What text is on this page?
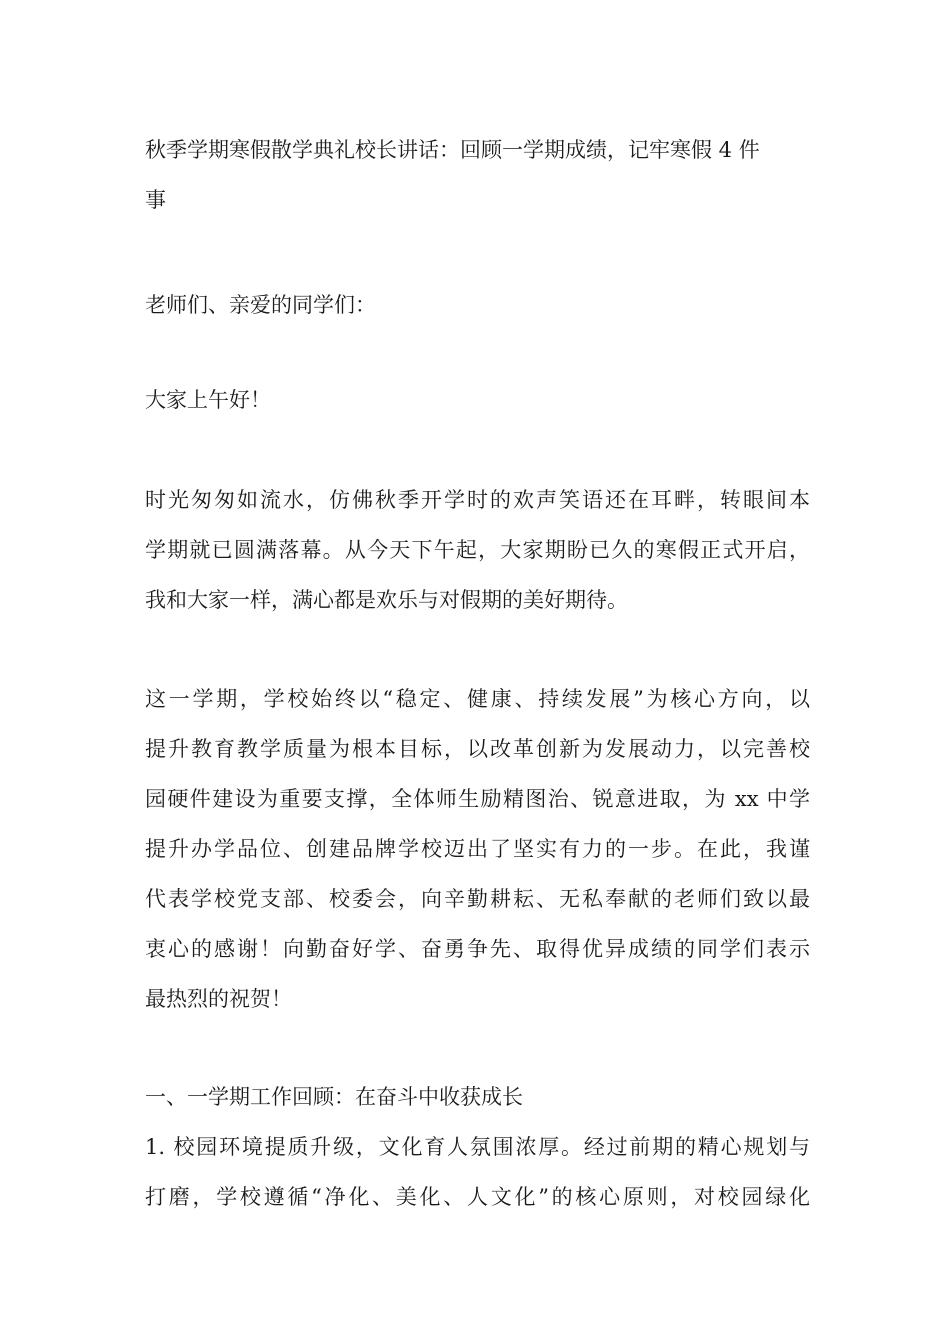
秋季学期寒假散学典礼校长讲话：回顾一学期成绩，记牢寒假 4 件
事
老师们、亲爱的同学们：
大家上午好！
时光匆匆如流水，仿佛秋季开学时的欢声笑语还在耳畔，转眼间本
学期就已圆满落幕。从今天下午起，大家期盼已久的寒假正式开启，
我和大家一样，满心都是欢乐与对假期的美好期待。
这一学期，学校始终以“稳定、健康、持续发展”为核心方向，以
提升教育教学质量为根本目标，以改革创新为发展动力，以完善校
园硬件建设为重要支撑，全体师生励精图治、锐意进取，为 xx 中学
提升办学品位、创建品牌学校迈出了坚实有力的一步。在此，我谨
代表学校党支部、校委会，向辛勤耕耘、无私奉献的老师们致以最
衷心的感谢！向勤奋好学、奋勇争先、取得优异成绩的同学们表示
最热烈的祝贺！
一、一学期工作回顾：在奋斗中收获成长
1. 校园环境提质升级，文化育人氛围浓厚。经过前期的精心规划与
打磨，学校遵循“净化、美化、人文化”的核心原则，对校园绿化
